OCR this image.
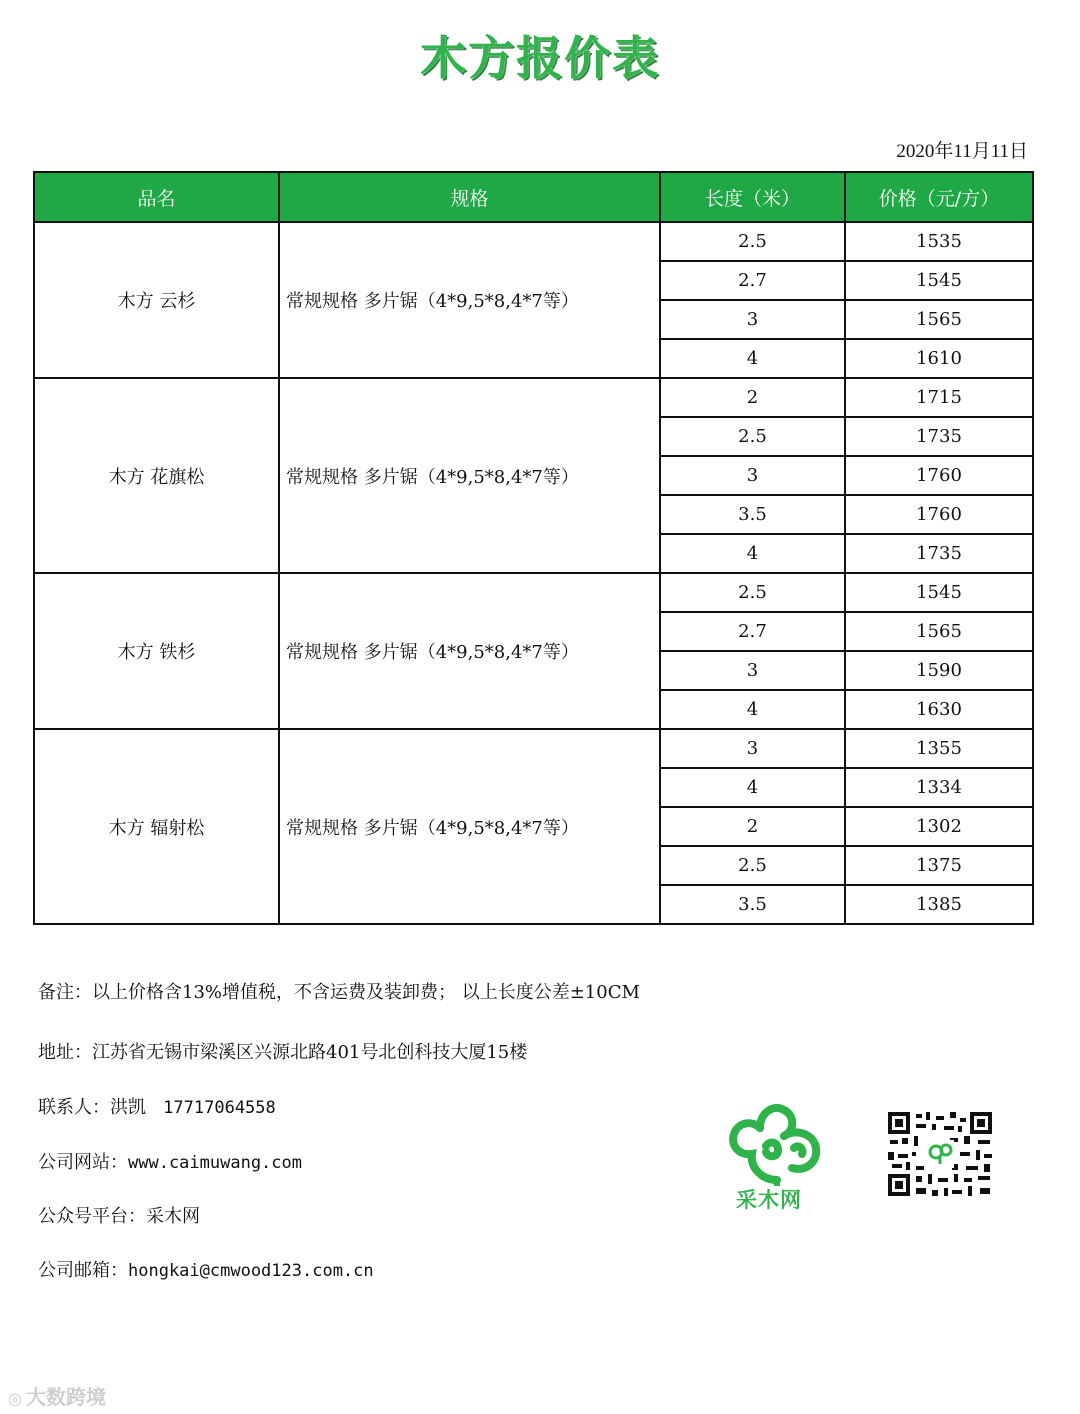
木方报价表
2020年11月11日
品名	规格	长度（米）	价格（元/方）
木方 云杉	常规规格 多片锯（4*9,5*8,4*7等）	2.5	1535
		2.7	1545
		3	1565
		4	1610
木方 花旗松	常规规格 多片锯（4*9,5*8,4*7等）	2	1715
		2.5	1735
		3	1760
		3.5	1760
		4	1735
木方 铁杉	常规规格 多片锯（4*9,5*8,4*7等）	2.5	1545
		2.7	1565
		3	1590
		4	1630
木方 辐射松	常规规格 多片锯（4*9,5*8,4*7等）	3	1355
		4	1334
		2	1302
		2.5	1375
		3.5	1385
备注：以上价格含13%增值税，不含运费及装卸费； 以上长度公差±10CM
地址：江苏省无锡市梁溪区兴源北路401号北创科技大厦15楼
联系人：洪凯 17717064558
公司网站：www.caimuwang.com
公众号平台：采木网
公司邮箱：hongkai@cmwood123.com.cn
采木网
◎ 大数跨境
